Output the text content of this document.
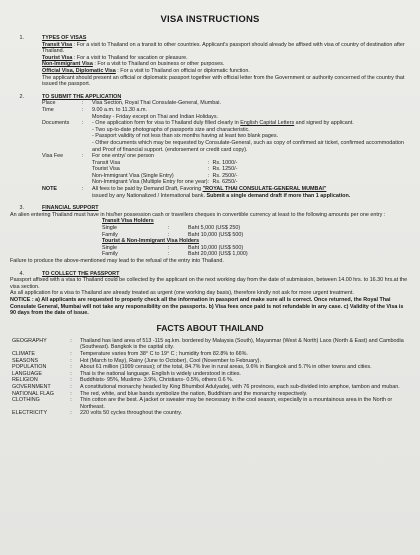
VISA INSTRUCTIONS
1.	TYPES OF VISAS

Transit Visa : For a visit to Thailand on a transit to other countries. Applicant's passport should already be affixed with visa of country of destination after Thailand.

Tourist Visa : For a visit to Thailand for vacation or pleasure.

Non-Immigrant Visa : For a visit to Thailand on business or other purposes.

Official Visa, Diplomatic Visa : For a visit to Thailand on official or diplomatic function.

The applicant should present an official or diplomatic passport together with official letter from the Government or authority concerned of the country that issued the passport.

2.	TO SUBMIT THE APPLICATION

Place	:	Visa Section, Royal Thai Consulate-General, Mumbai.
Time	:	9.00 a.m. to 11.30 a.m.
Monday - Friday except on Thai and Indian Holidays.
Documents	:	- One application form for visa to Thailand duly filled clearly in English Capital Letters and signed by applicant.
- Two up-to-date photographs of passports size and characteristic.
- Passport validity of not less than six months having at least two blank pages.
- Other documents which may be requested by Consulate-General, such as copy of confirmed air ticket, confirmed accommodation and Proof of financial support. (endorsement or credit card copy).
Visa Fee	:	For one entry/ one person
Transit Visa	:  Rs. 1000/-
Tourist Visa	:  Rs. 1250/-
Non-Immigrant Visa (Single Entry)	:  Rs. 2500/-
Non-Immigrant Visa (Multiple Entry for one year) :  Rs. 6250/-
NOTE	:	All fees to be paid by Demand Draft, Favoring "ROYAL THAI CONSULATE-GENERAL MUMBAI"
issued by any Nationalized / International bank. Submit a single demand draft if more than 1 application.
3.	FINANCIAL SUPPORT

An alien entering Thailand must have in his/her possession cash or travellers cheques in convertible currency at least to the following amounts per one entry :

Transit Visa Holders

Single	:	Baht 5,000 (US$ 250)
Family	:	Baht 10,000 (US$ 500)

Tourist & Non-Immigrant Visa Holders

Single	:	Baht 10,000 (US$ 500)
Family	:	Baht 20,000 (US$ 1,000)

Failure to produce the above-mentioned may lead to the refusal of the entry into Thailand.

4.	TO COLLECT THE PASSPORT

Passport affixed with a visa to Thailand could be collected by the applicant on the next working day from the date of submission, between 14.00 hrs. to 16.30 hrs.at the visa section.

As all application for a visa to Thailand are already treated as urgent (one working day basis), therefore kindly not ask for more urgent treatment.

NOTICE : a) All applicants are requested to properly check all the information in passport and make sure all is correct. Once returned, the Royal Thai Consulate General, Mumbai will not take any responsibility on the passports. b) Visa fees once paid is not refundable in any case. c) Validity of the Visa is 90 days from the date of issue.

FACTS ABOUT THAILAND
GEOGRAPHY	:	Thailand has land area of 513 -115 sq.km. bordered by Malaysia (South), Mayanmar (West & North) Laos (North & East) and Cambodia (Southeast). Bangkok is the capital city.
CLIMATE	:	Temperature varies from 38° C to 19° C ; humidity from 82.8% to 66%.
SEASONS	:	Hot (March to May), Rainy (June to October), Cool (November to February).
POPULATION	:	About 61 million (1999 census); of the total, 84.7% live in rural areas, 9.6% in Bangkok and 5.7% in other towns and cities.
LANGUAGE	:	Thai is the national language. English is widely understood in cities.
RELIGION	:	Buddhists- 95%, Muslims- 3.9%, Christians- 0.5%, others 0.6 %.
GOVERNMENT	:	A constitutional monarchy headed by King Bhumibol Adulyadej, with 76 provinces, each sub-divided into amphoe, tambon and muban.
NATIONAL FLAG	:	The red, white, and blue bands symbolize the nation, Buddhism and the monarchy respectively.
CLOTHING	:	Thin cotton are the best. A jacket or sweater may be necessary in the cool season, especially in a mountainous area in the North or Northeast.
ELECTRICITY	:	220 volts 50 cycles throughout the country.
